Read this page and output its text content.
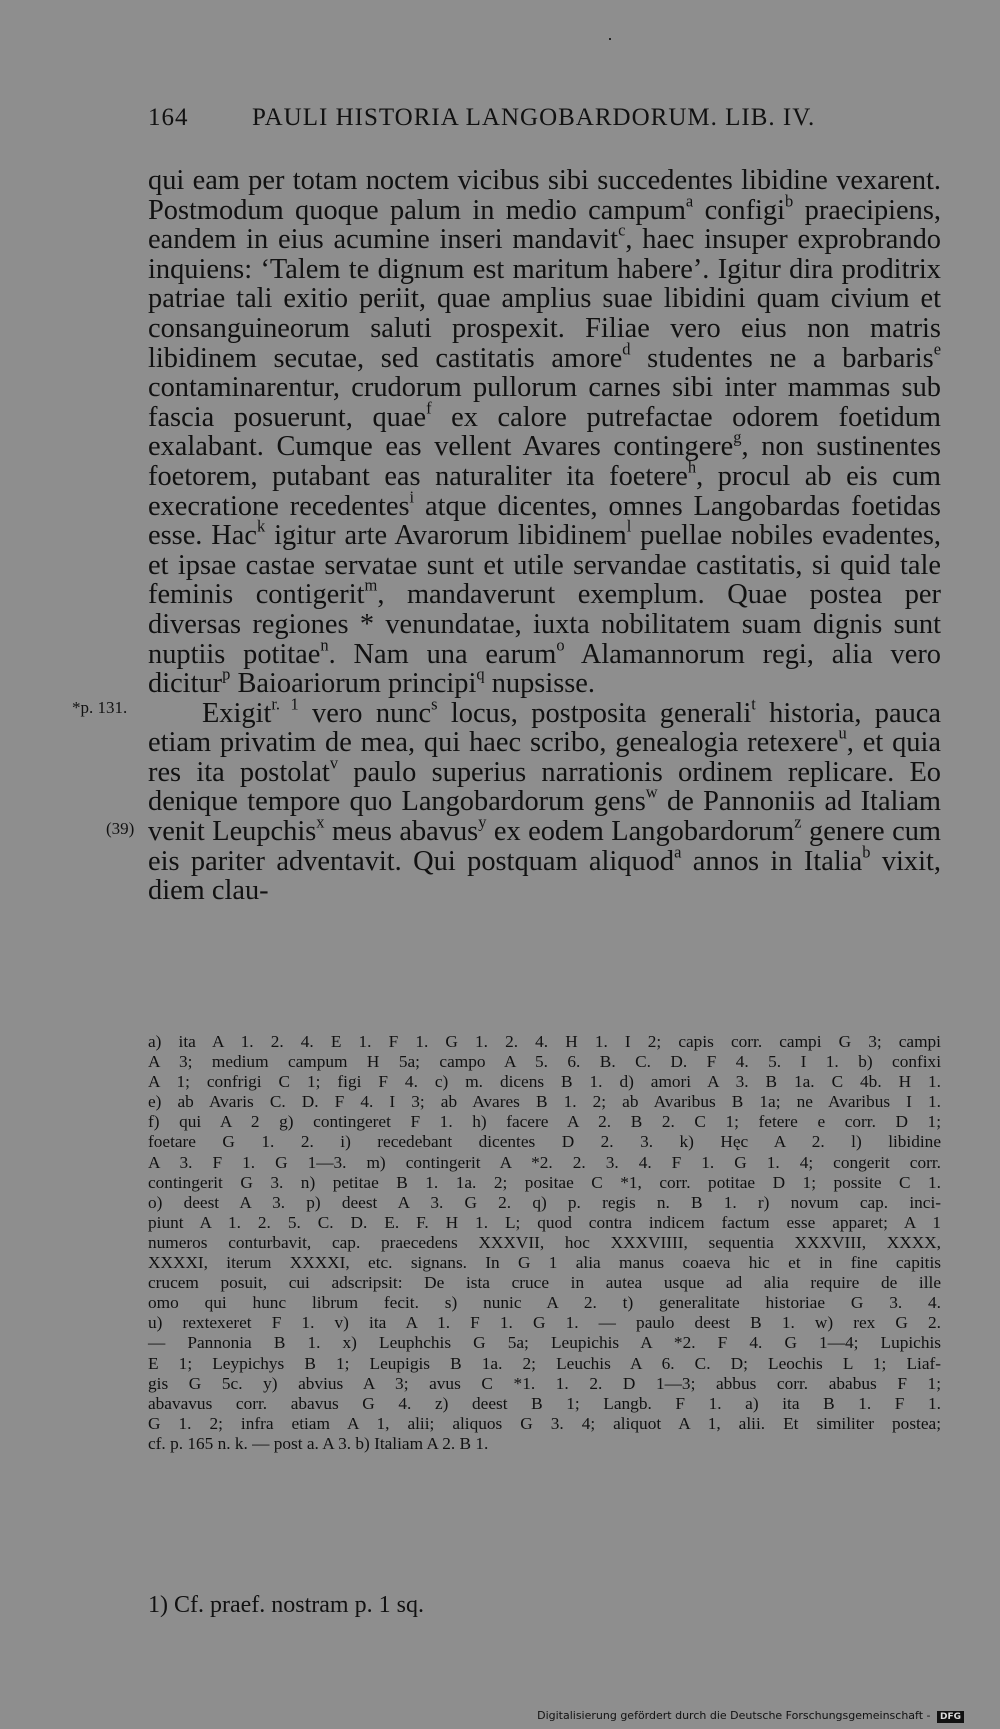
164	PAULI HISTORIA LANGOBARDORUM. LIB. IV.
*p. 131.
(39)

qui eam per totam noctem vicibus sibi succedentes libidine vexarent. Postmodum quoque palum in medio campum$^a$ configi$^b$ praecipiens, eandem in eius acumine inseri mandavit$^c$, haec insuper exprobrando inquiens: ‘Talem te dignum est maritum habere’. Igitur dira proditrix patriae tali exitio periit, quae amplius suae libidini quam civium et consanguineorum saluti prospexit. Filiae vero eius non matris libidinem secutae, sed castitatis amore$^d$ studentes ne a barbaris$^e$ contaminarentur, crudorum pullorum carnes sibi inter mammas sub fascia posuerunt, quae$^f$ ex calore putrefactae odorem foetidum exalabant. Cumque eas vellent Avares contingere$^g$, non sustinentes foetorem, putabant eas naturaliter ita foetere$^h$, procul ab eis cum execratione recedentes$^i$ atque dicentes, omnes Langobardas foetidas esse. Hac$^k$ igitur arte Avarorum libidinem$^l$ puellae nobiles evadentes, et ipsae castae servatae sunt et utile servandae castitatis, si quid tale feminis contigerit$^m$, mandaverunt exemplum. Quae postea per diversas regiones * venundatae, iuxta nobilitatem suam dignis sunt nuptiis potitae$^n$. Nam una earum$^o$ Alamannorum regi, alia vero dicitur$^p$ Baioariorum principi$^q$ nupsisse.

Exigit$^{r. 1}$ vero nunc$^s$ locus, postposita generali$^t$ historia, pauca etiam privatim de mea, qui haec scribo, genealogia retexere$^u$, et quia res ita postolat$^v$ paulo superius narrationis ordinem replicare. Eo denique tempore quo Langobardorum gens$^w$ de Pannoniis ad Italiam venit Leupchis$^x$ meus abavus$^y$ ex eodem Langobardorum$^z$ genere cum eis pariter adventavit. Qui postquam aliquod$^a$ annos in Italia$^b$ vixit, diem clau-

a) ita A 1. 2. 4. E 1. F 1. G 1. 2. 4. H 1. I 2; capis corr. campi G 3; campi
A 3; medium campum H 5a; campo A 5. 6. B. C. D. F 4. 5. I 1. b) confixi
A 1; confrigi C 1; figi F 4. c) m. dicens B 1. d) amori A 3. B 1a. C 4b. H 1.
e) ab Avaris C. D. F 4. I 3; ab Avares B 1. 2; ab Avaribus B 1a; ne Avaribus I 1.
f) qui A 2 g) contingeret F 1. h) facere A 2. B 2. C 1; fetere e corr. D 1;
foetare G 1. 2. i) recedebant dicentes D 2. 3. k) Hęc A 2. l) libidine
A 3. F 1. G 1—3. m) contingerit A *2. 2. 3. 4. F 1. G 1. 4; congerit corr.
contingerit G 3. n) petitae B 1. 1a. 2; positae C *1, corr. potitae D 1; possite C 1.
o) deest A 3. p) deest A 3. G 2. q) p. regis n. B 1. r) novum cap. inci-
piunt A 1. 2. 5. C. D. E. F. H 1. L; quod contra indicem factum esse apparet; A 1
numeros conturbavit, cap. praecedens XXXVII, hoc XXXVIIII, sequentia XXXVIII, XXXX,
XXXXI, iterum XXXXI, etc. signans. In G 1 alia manus coaeva hic et in fine capitis
crucem posuit, cui adscripsit: De ista cruce in autea usque ad alia require de ille
omo qui hunc librum fecit. s) nunic A 2. t) generalitate historiae G 3. 4.
u) rextexeret F 1. v) ita A 1. F 1. G 1. — paulo deest B 1. w) rex G 2.
— Pannonia B 1. x) Leuphchis G 5a; Leupichis A *2. F 4. G 1—4; Lupichis
E 1; Leypichys B 1; Leupigis B 1a. 2; Leuchis A 6. C. D; Leochis L 1; Liaf-
gis G 5c. y) abvius A 3; avus C *1. 1. 2. D 1—3; abbus corr. ababus F 1;
abavavus corr. abavus G 4. z) deest B 1; Langb. F 1. a) ita B 1. F 1.
G 1. 2; infra etiam A 1, alii; aliquos G 3. 4; aliquot A 1, alii. Et similiter postea;
cf. p. 165 n. k. — post a. A 3. b) Italiam A 2. B 1.
1) Cf. praef. nostram p. 1 sq.
Digitalisierung gefördert durch die Deutsche Forschungsgemeinschaft - DFG
